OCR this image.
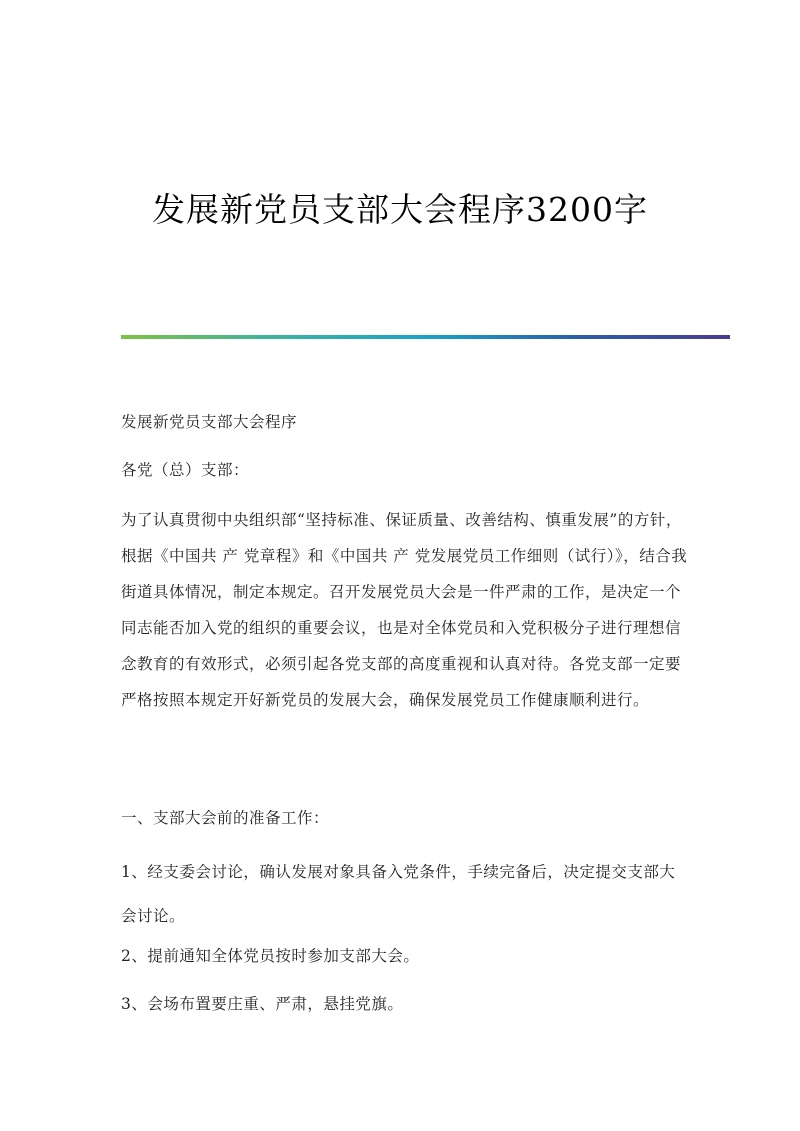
发展新党员支部大会程序3200字
发展新党员支部大会程序
各党（总）支部：
为了认真贯彻中央组织部“坚持标准、保证质量、改善结构、慎重发展”的方针，根据《中国共 产 党章程》和《中国共 产 党发展党员工作细则（试行）》，结合我街道具体情况，制定本规定。召开发展党员大会是一件严肃的工作，是决定一个同志能否加入党的组织的重要会议，也是对全体党员和入党积极分子进行理想信念教育的有效形式，必须引起各党支部的高度重视和认真对待。各党支部一定要严格按照本规定开好新党员的发展大会，确保发展党员工作健康顺利进行。
一、支部大会前的准备工作：
1、经支委会讨论，确认发展对象具备入党条件，手续完备后，决定提交支部大会讨论。
2、提前通知全体党员按时参加支部大会。
3、会场布置要庄重、严肃，悬挂党旗。
